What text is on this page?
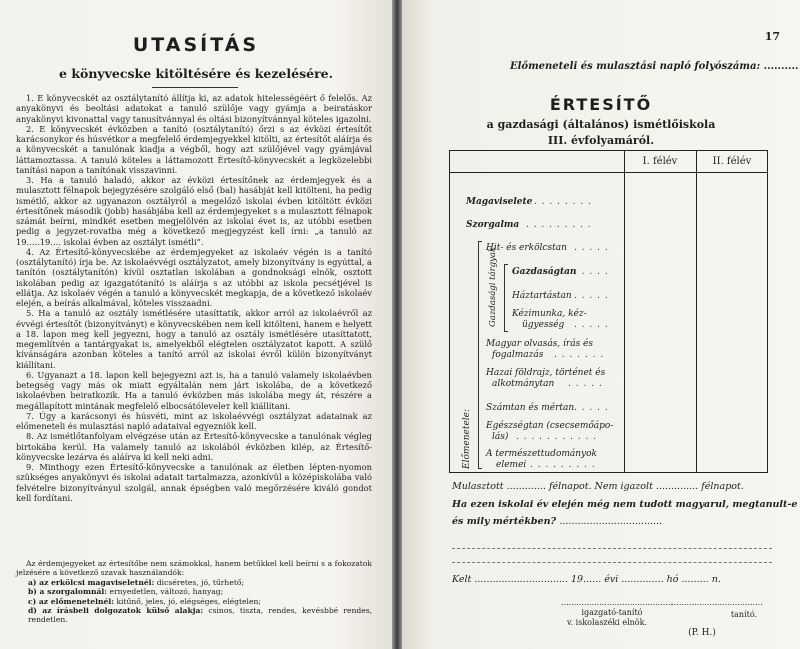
UTASÍTÁS
e könyvecske kitöltésére és kezelésére.

1. E könyvecskét az osztálytanító állítja ki, az adatok hitelességéért ő felelős. Az anyakönyvi és beoltási adatokat a tanuló szülője vagy gyámja a beiratáskor anyakönyvi kivonattal vagy tanusítvánnyal és oltási bizonyítvánnyal köteles igazolni.

2. E könyvecskét évközben a tanító (osztálytanító) őrzi s az évközi értesítőt karácsonykor és húsvétkor a megfelelő érdemjegyekkel kitölti, az értesítőt aláírja és a könyvecskét a tanulónak kiadja a végből, hogy azt szülőjével vagy gyámjával láttamoztassa. A tanuló köteles a láttamozott Értesítő-könyvecskét a legközelebbi tanítási napon a tanítónak visszavinni.

3. Ha a tanuló haladó, akkor az évközi értesítőnek az érdemjegyek és a mulasztott félnapok bejegyzésére szolgáló első (bal) hasábját kell kitölteni, ha pedig ismétlő, akkor az ugyanazon osztályról a megelőző iskolai évben kitöltött évközi értesítőnek második (jobb) hasábjába kell az érdemjegyeket s a mulasztott félnapok számát beírni, mindkét esetben megjelölvén az iskolai évet is, az utóbbi esetben pedig a jegyzet-rovatba még a következő megjegyzést kell írni: „a tanuló az 19.....19.... iskolai évben az osztályt ismétli”.

4. Az Értesítő-könyvecskébe az érdemjegyeket az iskolaév végén is a tanító (osztálytanító) írja be. Az iskolaévvégi osztályzatot, amely bizonyítvány is egyúttal, a tanítón (osztálytanítón) kívül osztatlan iskolában a gondnoksági elnök, osztott iskolában pedig az igazgatótanító is aláírja s az utóbbi az iskola pecsétjével is ellátja. Az iskolaév végén a tanuló a könyvecskét megkapja, de a következő iskolaév elején, a beírás alkalmával, köteles visszaadni.

5. Ha a tanuló az osztály ismétlésére utasíttatik, akkor arról az iskolaévről az évvégi értesítőt (bizonyítványt) e könyvecskében nem kell kitölteni, hanem e helyett a 18. lapon meg kell jegyezni, hogy a tanuló az osztály ismétlésére utasíttatott, megemlítvén a tantárgyakat is, amelyekből elégtelen osztályzatot kapott. A szülő kívánságára azonban köteles a tanító arról az iskolai évről külön bizonyítványt kiállítani.

6. Ugyanazt a 18. lapon kell bejegyezni azt is, ha a tanuló valamely iskolaévben betegség vagy más ok miatt egyáltalán nem járt iskolába, de a következő iskolaévben beiratkozik. Ha a tanuló évközben más iskolába megy át, részére a megállapított mintának megfelelő elbocsátóleveleт kell kiállítani.

7. Úgy a karácsonyi és húsvéti, mint az iskolaévvégi osztályzat adatainak az előmeneteli és mulasztási napló adataival egyezniök kell.

8. Az ismétlőtanfolyam elvégzése után az Értesítő-könyvecske a tanulónak végleg birtokába kerül. Ha valamely tanuló az iskolából évközben kilép, az Értesítő-könyvecske lezárva és aláírva ki kell neki adni.

9. Minthogy ezen Értesítő-könyvecske a tanulónak az életben lépten-nyomon szükséges anyakönyvi és iskolai adatait tartalmazza, azonkívül a középiskolába való felvételre bizonyítványul szolgál, annak épségben való megőrzésére kiváló gondot kell fordítani.

Az érdemjegyeket az értesítőbe nem számokkal, hanem betűkkel kell beírni s a fokozatok jelzésére a következő szavak használandók:

a) az erkölcsi magaviseletnél: dicséretes, jó, tűrhető;

b) a szorgalomnál: ernyedetlen, változó, hanyag;

c) az előmenetelnél: kitűnő, jeles, jó, elégséges, elégtelen;

d) az írásbeli dolgozatok külső alakja: csinos, tiszta, rendes, kevésbbé rendes, rendetlen.

17
Előmeneteli és mulasztási napló folyószáma: ..........
ÉRTESÍTŐ
a gazdasági (általános) ismétlőiskola
III. évfolyamáról.
I. félév	II. félév
Magaviselete . . . . . . . .
Szorgalma . . . . . . . . .
Előmenetele:
Gazdasági tárgyak
Hit- és erkölcstan . . . . .
Gazdaságtan
. . . . .
Háztartástan . . . . .
Kézimunka, kéz-
ügyesség . . . . .
Magyar olvasás, írás és
fogalmazás . . . . . . .
Hazai földrajz, történet és
alkotmánytan . . . . .
Számtan és mértan . . . . .
Egészségtan (csecsemőápo-
lás) . . . . . . . . . . .
A természettudományok
elemei . . . . . . . . .
Mulasztott ............. félnapot. Nem igazolt .............. félnapot.
Ha ezen iskolai év elején még nem tudott magyarul, megtanult-e
és mily mértékben? ..................................
Kelt ............................... 19...... évi .............. hó ......... n.
............................................
....................................
igazgató-tanító
v. iskolaszéki elnök.
tanító.
(P. H.)
